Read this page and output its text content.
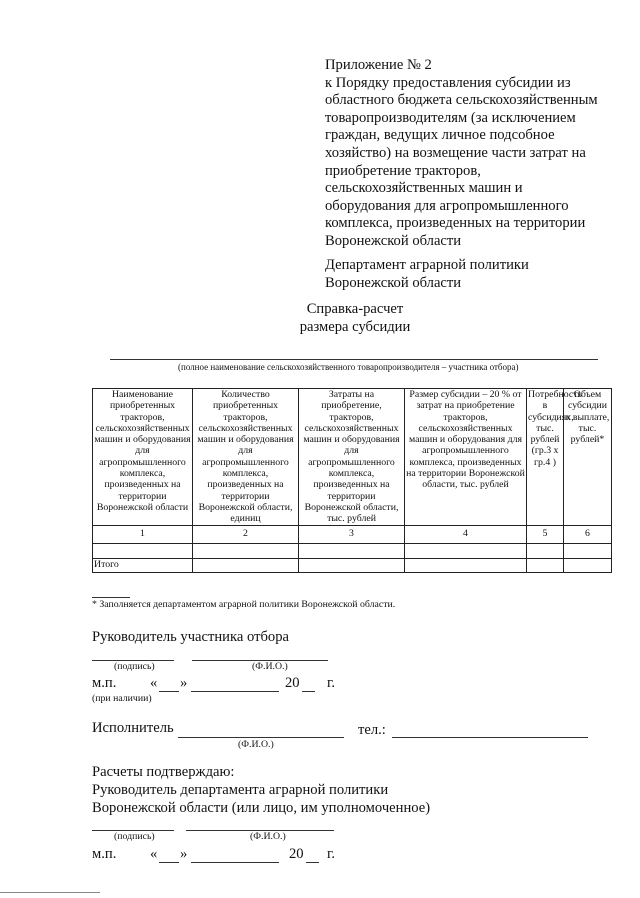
Приложение № 2
к Порядку предоставления субсидии из
областного бюджета сельскохозяйственным
товаропроизводителям (за исключением
граждан, ведущих личное подсобное
хозяйство) на возмещение части затрат на
приобретение тракторов,
сельскохозяйственных машин и
оборудования для агропромышленного
комплекса, произведенных на территории
Воронежской области
Департамент аграрной политики
Воронежской области
Справка-расчет
размера субсидии
(полное наименование сельскохозяйственного товаропроизводителя – участника отбора)
Наименование приобретенных тракторов, сельскохозяйственных машин и оборудования для агропромышленного комплекса, произведенных на территории Воронежской области	Количество приобретенных тракторов, сельскохозяйственных машин и оборудования для агропромышленного комплекса, произведенных на территории Воронежской области, единиц	Затраты на приобретение, тракторов, сельскохозяйственных машин и оборудования для агропромышленного комплекса, произведенных на территории Воронежской области, тыс. рублей	Размер субсидии – 20 % от затрат на приобретение тракторов, сельскохозяйственных машин и оборудования для агропромышленного комплекса, произведенных на территории Воронежской области, тыс. рублей	Потребность в субсидиях, тыс. рублей (гр.3 х гр.4 )	Объем субсидии к выплате, тыс. рублей*
1	2	3	4	5	6

Итого					
* Заполняется департаментом аграрной политики Воронежской области.
Руководитель участника отбора
(подпись)	(Ф.И.О.)
м.п. « »	20 г.
(при наличии)
Исполнитель
(Ф.И.О.)
тел.:
Расчеты подтверждаю:
Руководитель департамента аграрной политики
Воронежской области (или лицо, им уполномоченное)
(подпись)	(Ф.И.О.)
м.п. « »	20 г.
